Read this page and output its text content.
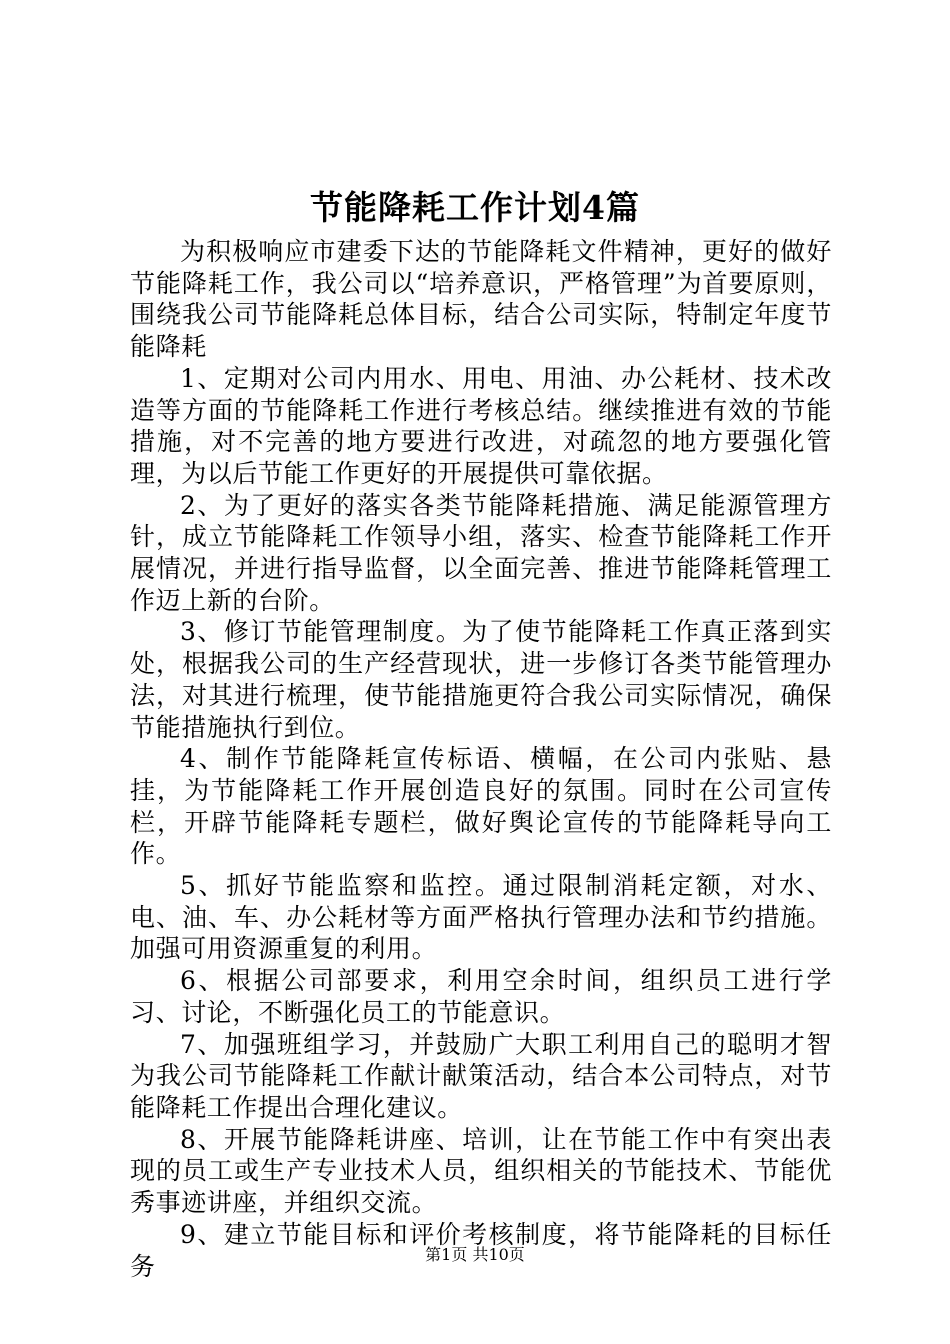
节能降耗工作计划4篇

为积极响应市建委下达的节能降耗文件精神，更好的做好节能降耗工作，我公司以“培养意识，严格管理”为首要原则，围绕我公司节能降耗总体目标，结合公司实际，特制定年度节能降耗

1、定期对公司内用水、用电、用油、办公耗材、技术改造等方面的节能降耗工作进行考核总结。继续推进有效的节能措施，对不完善的地方要进行改进，对疏忽的地方要强化管理，为以后节能工作更好的开展提供可靠依据。

2、为了更好的落实各类节能降耗措施、满足能源管理方针，成立节能降耗工作领导小组，落实、检查节能降耗工作开展情况，并进行指导监督，以全面完善、推进节能降耗管理工作迈上新的台阶。

3、修订节能管理制度。为了使节能降耗工作真正落到实处，根据我公司的生产经营现状，进一步修订各类节能管理办法，对其进行梳理，使节能措施更符合我公司实际情况，确保节能措施执行到位。

4、制作节能降耗宣传标语、横幅，在公司内张贴、悬挂，为节能降耗工作开展创造良好的氛围。同时在公司宣传栏，开辟节能降耗专题栏，做好舆论宣传的节能降耗导向工作。

5、抓好节能监察和监控。通过限制消耗定额，对水、电、油、车、办公耗材等方面严格执行管理办法和节约措施。加强可用资源重复的利用。

6、根据公司部要求，利用空余时间，组织员工进行学习、讨论，不断强化员工的节能意识。

7、加强班组学习，并鼓励广大职工利用自己的聪明才智为我公司节能降耗工作献计献策活动，结合本公司特点，对节能降耗工作提出合理化建议。

8、开展节能降耗讲座、培训，让在节能工作中有突出表现的员工或生产专业技术人员，组织相关的节能技术、节能优秀事迹讲座，并组织交流。

9、建立节能目标和评价考核制度，将节能降耗的目标任务	第1页 共10页
